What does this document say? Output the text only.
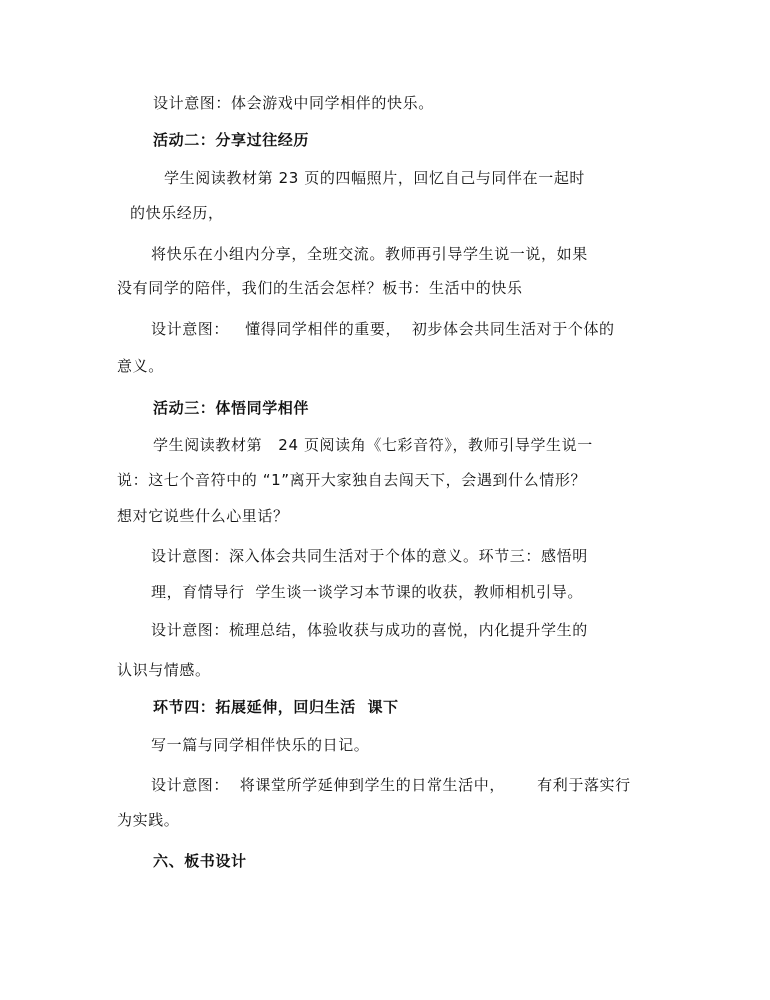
设计意图：体会游戏中同学相伴的快乐。
活动二：分享过往经历
学生阅读教材第 23 页的四幅照片，回忆自己与同伴在一起时
的快乐经历，
将快乐在小组内分享，全班交流。教师再引导学生说一说，如果
没有同学的陪伴，我们的生活会怎样？板书：生活中的快乐
设计意图：   懂得同学相伴的重要，  初步体会共同生活对于个体的
意义。
活动三：体悟同学相伴
学生阅读教材第   24 页阅读角《七彩音符》，教师引导学生说一
说：这七个音符中的 “1”离开大家独自去闯天下，会遇到什么情形？
想对它说些什么心里话？
设计意图：深入体会共同生活对于个体的意义。环节三：感悟明
理，育情导行  学生谈一谈学习本节课的收获，教师相机引导。
设计意图：梳理总结，体验收获与成功的喜悦，内化提升学生的
认识与情感。
环节四：拓展延伸，回归生活  课下
写一篇与同学相伴快乐的日记。
设计意图：  将课堂所学延伸到学生的日常生活中，      有利于落实行
为实践。
六、板书设计
